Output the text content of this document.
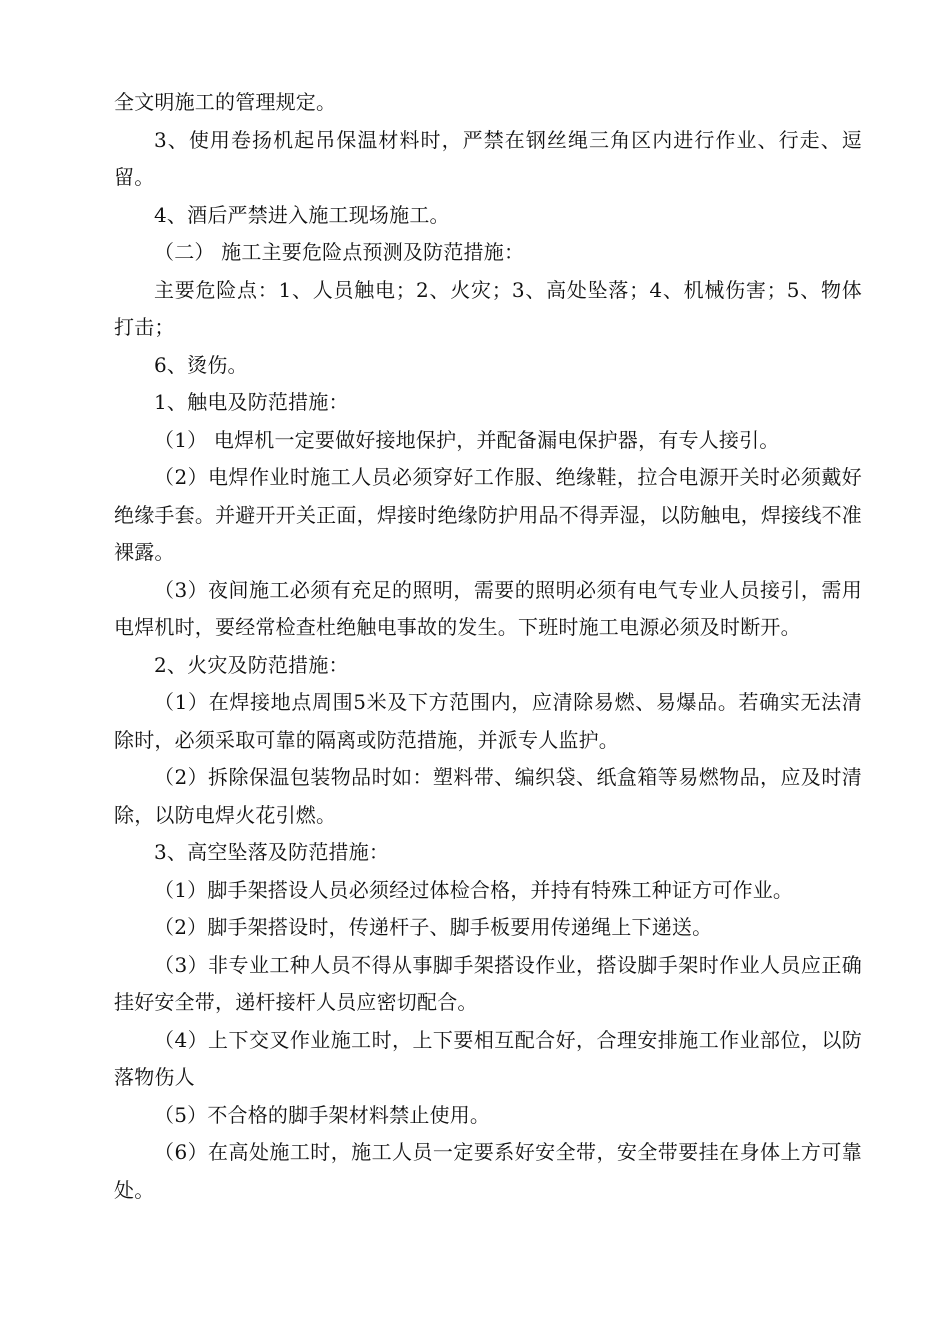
全文明施工的管理规定。

3、使用卷扬机起吊保温材料时，严禁在钢丝绳三角区内进行作业、行走、逗留。

4、酒后严禁进入施工现场施工。

（二） 施工主要危险点预测及防范措施：

主要危险点：1、人员触电；2、火灾；3、高处坠落；4、机械伤害；5、物体打击；

6、烫伤。

1、触电及防范措施：

（1） 电焊机一定要做好接地保护，并配备漏电保护器，有专人接引。

（2）电焊作业时施工人员必须穿好工作服、绝缘鞋，拉合电源开关时必须戴好绝缘手套。并避开开关正面，焊接时绝缘防护用品不得弄湿，以防触电，焊接线不准裸露。

（3）夜间施工必须有充足的照明，需要的照明必须有电气专业人员接引，需用电焊机时，要经常检查杜绝触电事故的发生。下班时施工电源必须及时断开。

2、火灾及防范措施：

（1）在焊接地点周围5米及下方范围内，应清除易燃、易爆品。若确实无法清除时，必须采取可靠的隔离或防范措施，并派专人监护。

（2）拆除保温包装物品时如：塑料带、编织袋、纸盒箱等易燃物品，应及时清除，以防电焊火花引燃。

3、高空坠落及防范措施：

（1）脚手架搭设人员必须经过体检合格，并持有特殊工种证方可作业。

（2）脚手架搭设时，传递杆子、脚手板要用传递绳上下递送。

（3）非专业工种人员不得从事脚手架搭设作业，搭设脚手架时作业人员应正确挂好安全带，递杆接杆人员应密切配合。

（4）上下交叉作业施工时，上下要相互配合好，合理安排施工作业部位，以防落物伤人

（5）不合格的脚手架材料禁止使用。

（6）在高处施工时，施工人员一定要系好安全带，安全带要挂在身体上方可靠处。
